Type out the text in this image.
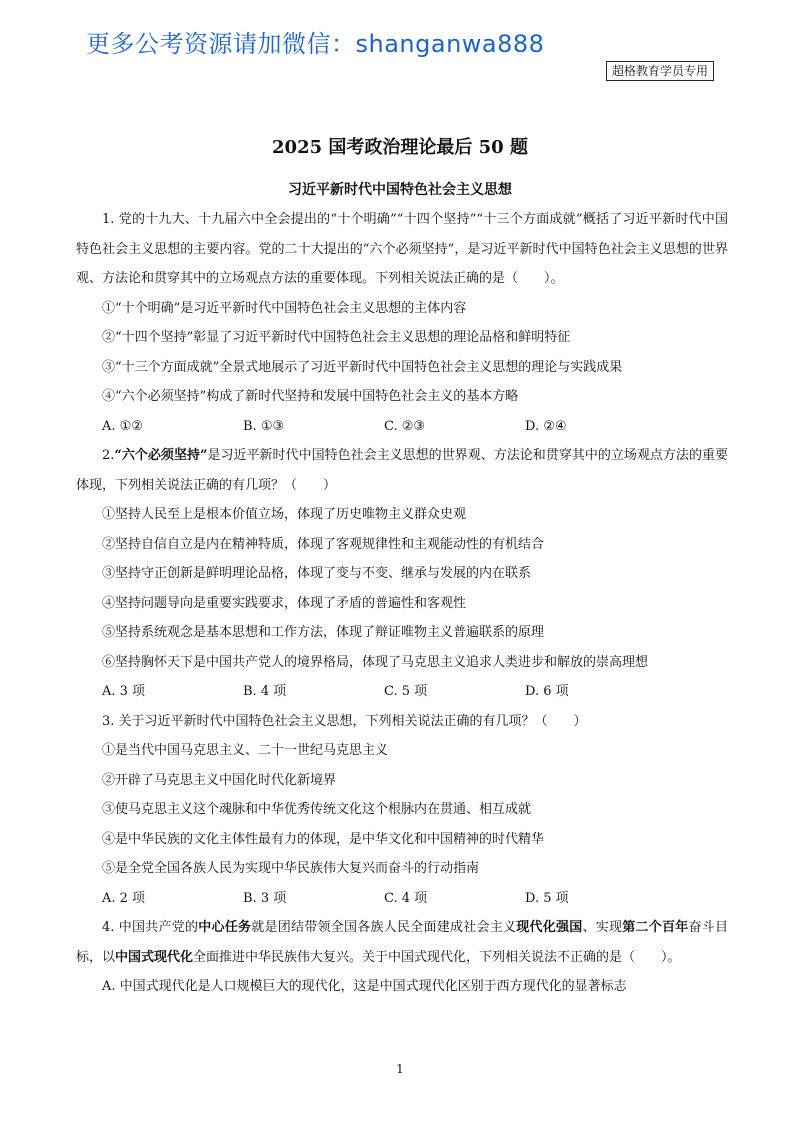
更多公考资源请加微信：shanganwa888
超格教育学员专用
2025 国考政治理论最后 50 题
习近平新时代中国特色社会主义思想

1. 党的十九大、十九届六中全会提出的“十个明确”“十四个坚持”“十三个方面成就”概括了习近平新时代中国特色社会主义思想的主要内容。党的二十大提出的“六个必须坚持”，是习近平新时代中国特色社会主义思想的世界观、方法论和贯穿其中的立场观点方法的重要体现。下列相关说法正确的是（　　）。

①“十个明确”是习近平新时代中国特色社会主义思想的主体内容

②“十四个坚持”彰显了习近平新时代中国特色社会主义思想的理论品格和鲜明特征

③“十三个方面成就”全景式地展示了习近平新时代中国特色社会主义思想的理论与实践成果

④“六个必须坚持”构成了新时代坚持和发展中国特色社会主义的基本方略

A. ①②	B. ①③	C. ②③	D. ②④

2.“六个必须坚持”是习近平新时代中国特色社会主义思想的世界观、方法论和贯穿其中的立场观点方法的重要体现，下列相关说法正确的有几项？（　　）

①坚持人民至上是根本价值立场，体现了历史唯物主义群众史观

②坚持自信自立是内在精神特质，体现了客观规律性和主观能动性的有机结合

③坚持守正创新是鲜明理论品格，体现了变与不变、继承与发展的内在联系

④坚持问题导向是重要实践要求，体现了矛盾的普遍性和客观性

⑤坚持系统观念是基本思想和工作方法，体现了辩证唯物主义普遍联系的原理

⑥坚持胸怀天下是中国共产党人的境界格局，体现了马克思主义追求人类进步和解放的崇高理想

A. 3 项	B. 4 项	C. 5 项	D. 6 项

3. 关于习近平新时代中国特色社会主义思想，下列相关说法正确的有几项？（　　）

①是当代中国马克思主义、二十一世纪马克思主义

②开辟了马克思主义中国化时代化新境界

③使马克思主义这个魂脉和中华优秀传统文化这个根脉内在贯通、相互成就

④是中华民族的文化主体性最有力的体现，是中华文化和中国精神的时代精华

⑤是全党全国各族人民为实现中华民族伟大复兴而奋斗的行动指南

A. 2 项	B. 3 项	C. 4 项	D. 5 项

4. 中国共产党的中心任务就是团结带领全国各族人民全面建成社会主义现代化强国、实现第二个百年奋斗目标，以中国式现代化全面推进中华民族伟大复兴。关于中国式现代化，下列相关说法不正确的是（　　）。

A. 中国式现代化是人口规模巨大的现代化，这是中国式现代化区别于西方现代化的显著标志

1
